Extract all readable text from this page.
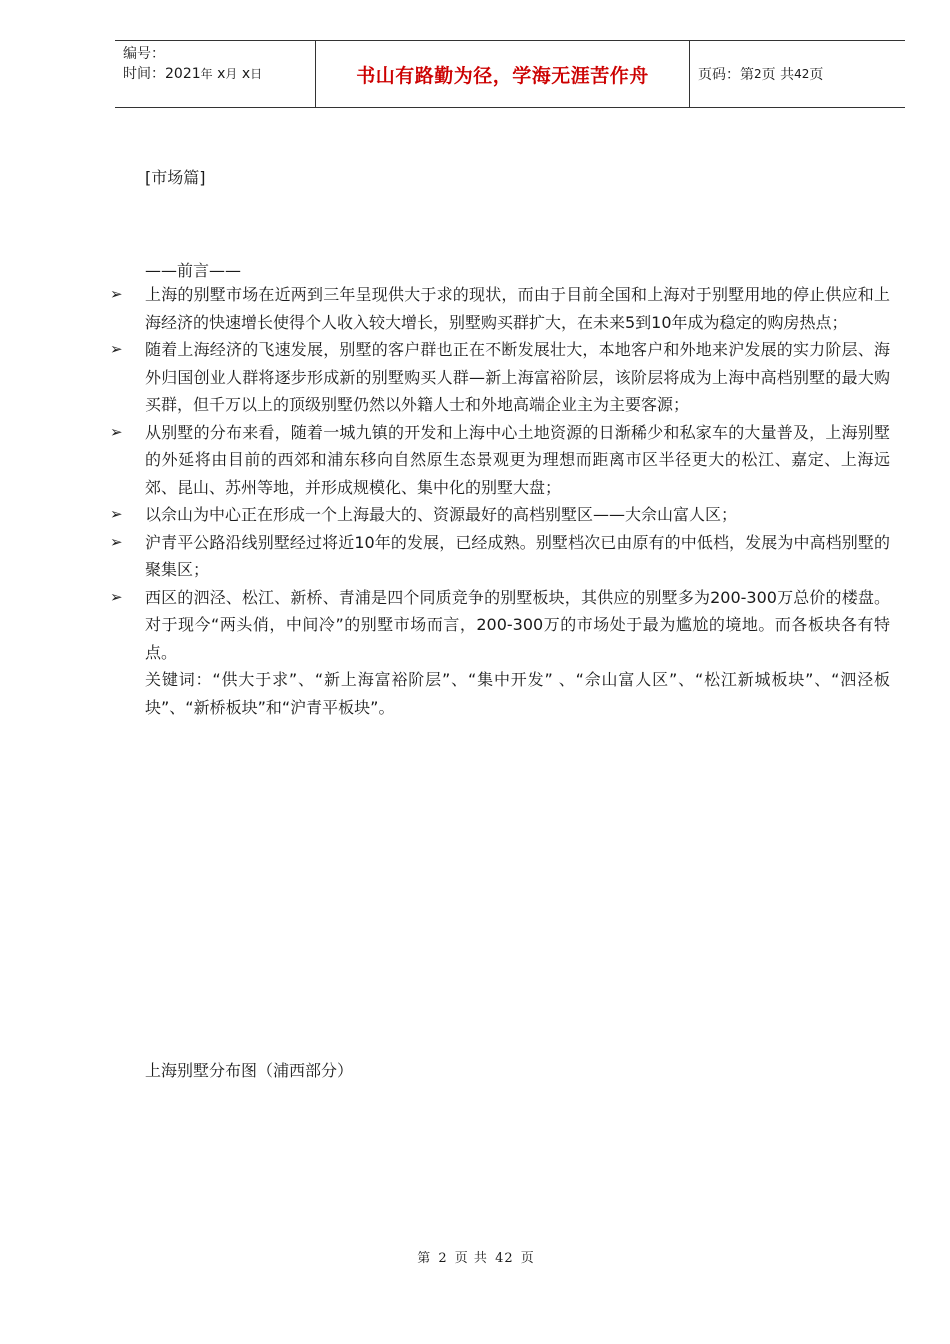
编号：
时间：2021年 x月 x日	书山有路勤为径，学海无涯苦作舟	页码：第 2 页 共 42 页
[市场篇]
——前言——
➢	上海的别墅市场在近两到三年呈现供大于求的现状，而由于目前全国和上海对于别墅用地的停止供应和上海经济的快速增长使得个人收入较大增长，别墅购买群扩大，在未来5到10年成为稳定的购房热点；
➢	随着上海经济的飞速发展，别墅的客户群也正在不断发展壮大，本地客户和外地来沪发展的实力阶层、海外归国创业人群将逐步形成新的别墅购买人群—新上海富裕阶层，该阶层将成为上海中高档别墅的最大购买群，但千万以上的顶级别墅仍然以外籍人士和外地高端企业主为主要客源；
➢	从别墅的分布来看，随着一城九镇的开发和上海中心土地资源的日渐稀少和私家车的大量普及，上海别墅的外延将由目前的西郊和浦东移向自然原生态景观更为理想而距离市区半径更大的松江、嘉定、上海远郊、昆山、苏州等地，并形成规模化、集中化的别墅大盘；
➢	以佘山为中心正在形成一个上海最大的、资源最好的高档别墅区——大佘山富人区；
➢	沪青平公路沿线别墅经过将近10年的发展，已经成熟。别墅档次已由原有的中低档，发展为中高档别墅的聚集区；
➢	西区的泗泾、松江、新桥、青浦是四个同质竞争的别墅板块，其供应的别墅多为200-300万总价的楼盘。对于现今“两头俏，中间冷”的别墅市场而言，200-300万的市场处于最为尴尬的境地。而各板块各有特点。
关键词：“供大于求”、“新上海富裕阶层”、“集中开发” 、“佘山富人区”、“松江新城板块”、“泗泾板块”、“新桥板块”和“沪青平板块”。
上海别墅分布图（浦西部分）
第 2 页 共 42 页
